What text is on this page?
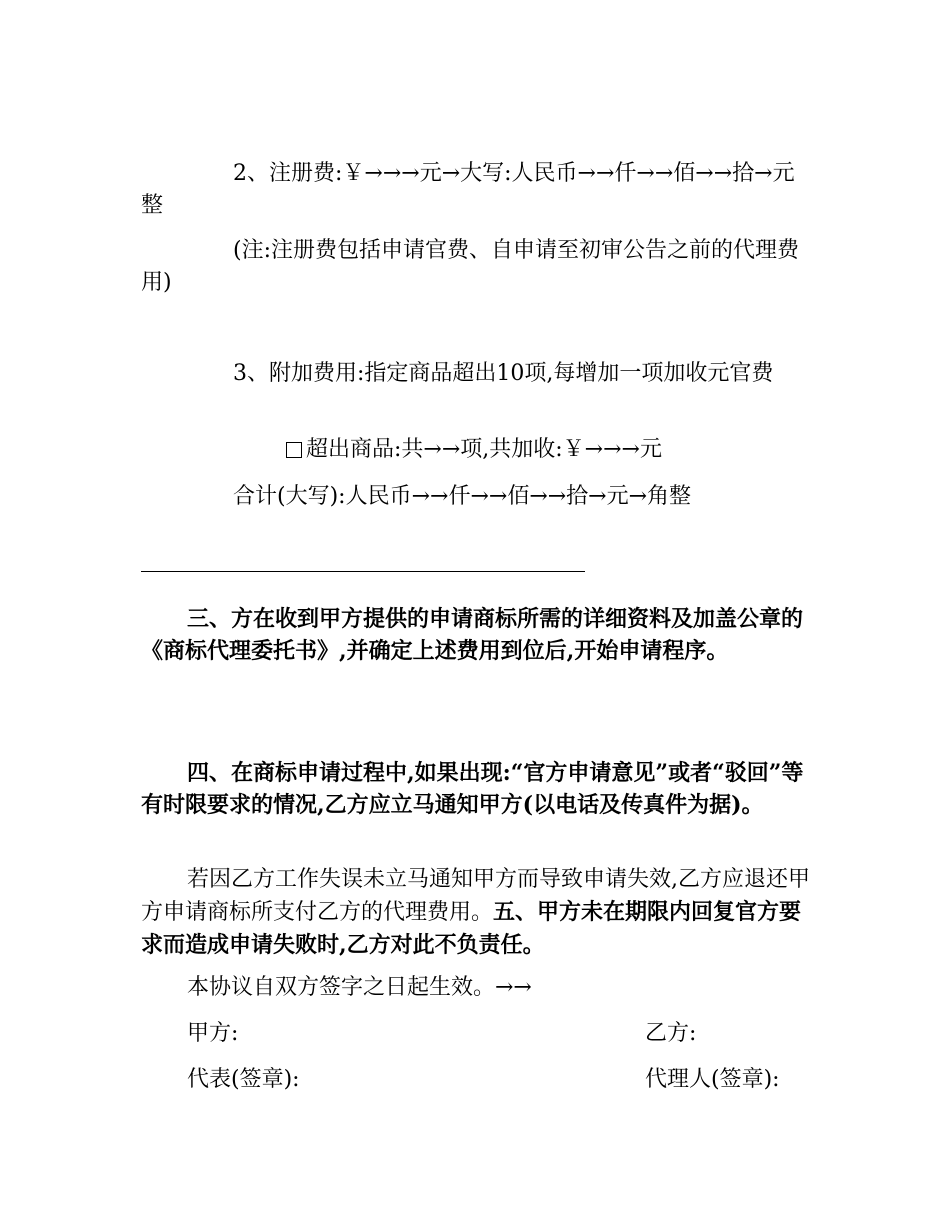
2、注册费:￥→→→元→大写:人民币→→仟→→佰→→拾→元整

(注:注册费包括申请官费、自申请至初审公告之前的代理费用)

3、附加费用:指定商品超出10项,每增加一项加收元官费

超出商品:共→→项,共加收:￥→→→元
合计(大写):人民币→→仟→→佰→→拾→元→角整

三、方在收到甲方提供的申请商标所需的详细资料及加盖公章的《商标代理委托书》,并确定上述费用到位后,开始申请程序。

四、在商标申请过程中,如果出现:“官方申请意见”或者“驳回”等有时限要求的情况,乙方应立马通知甲方(以电话及传真件为据)。

若因乙方工作失误未立马通知甲方而导致申请失效,乙方应退还甲方申请商标所支付乙方的代理费用。五、甲方未在期限内回复官方要求而造成申请失败时,乙方对此不负责任。

本协议自双方签字之日起生效。→→

甲方:	乙方:
代表(签章):	代理人(签章):
